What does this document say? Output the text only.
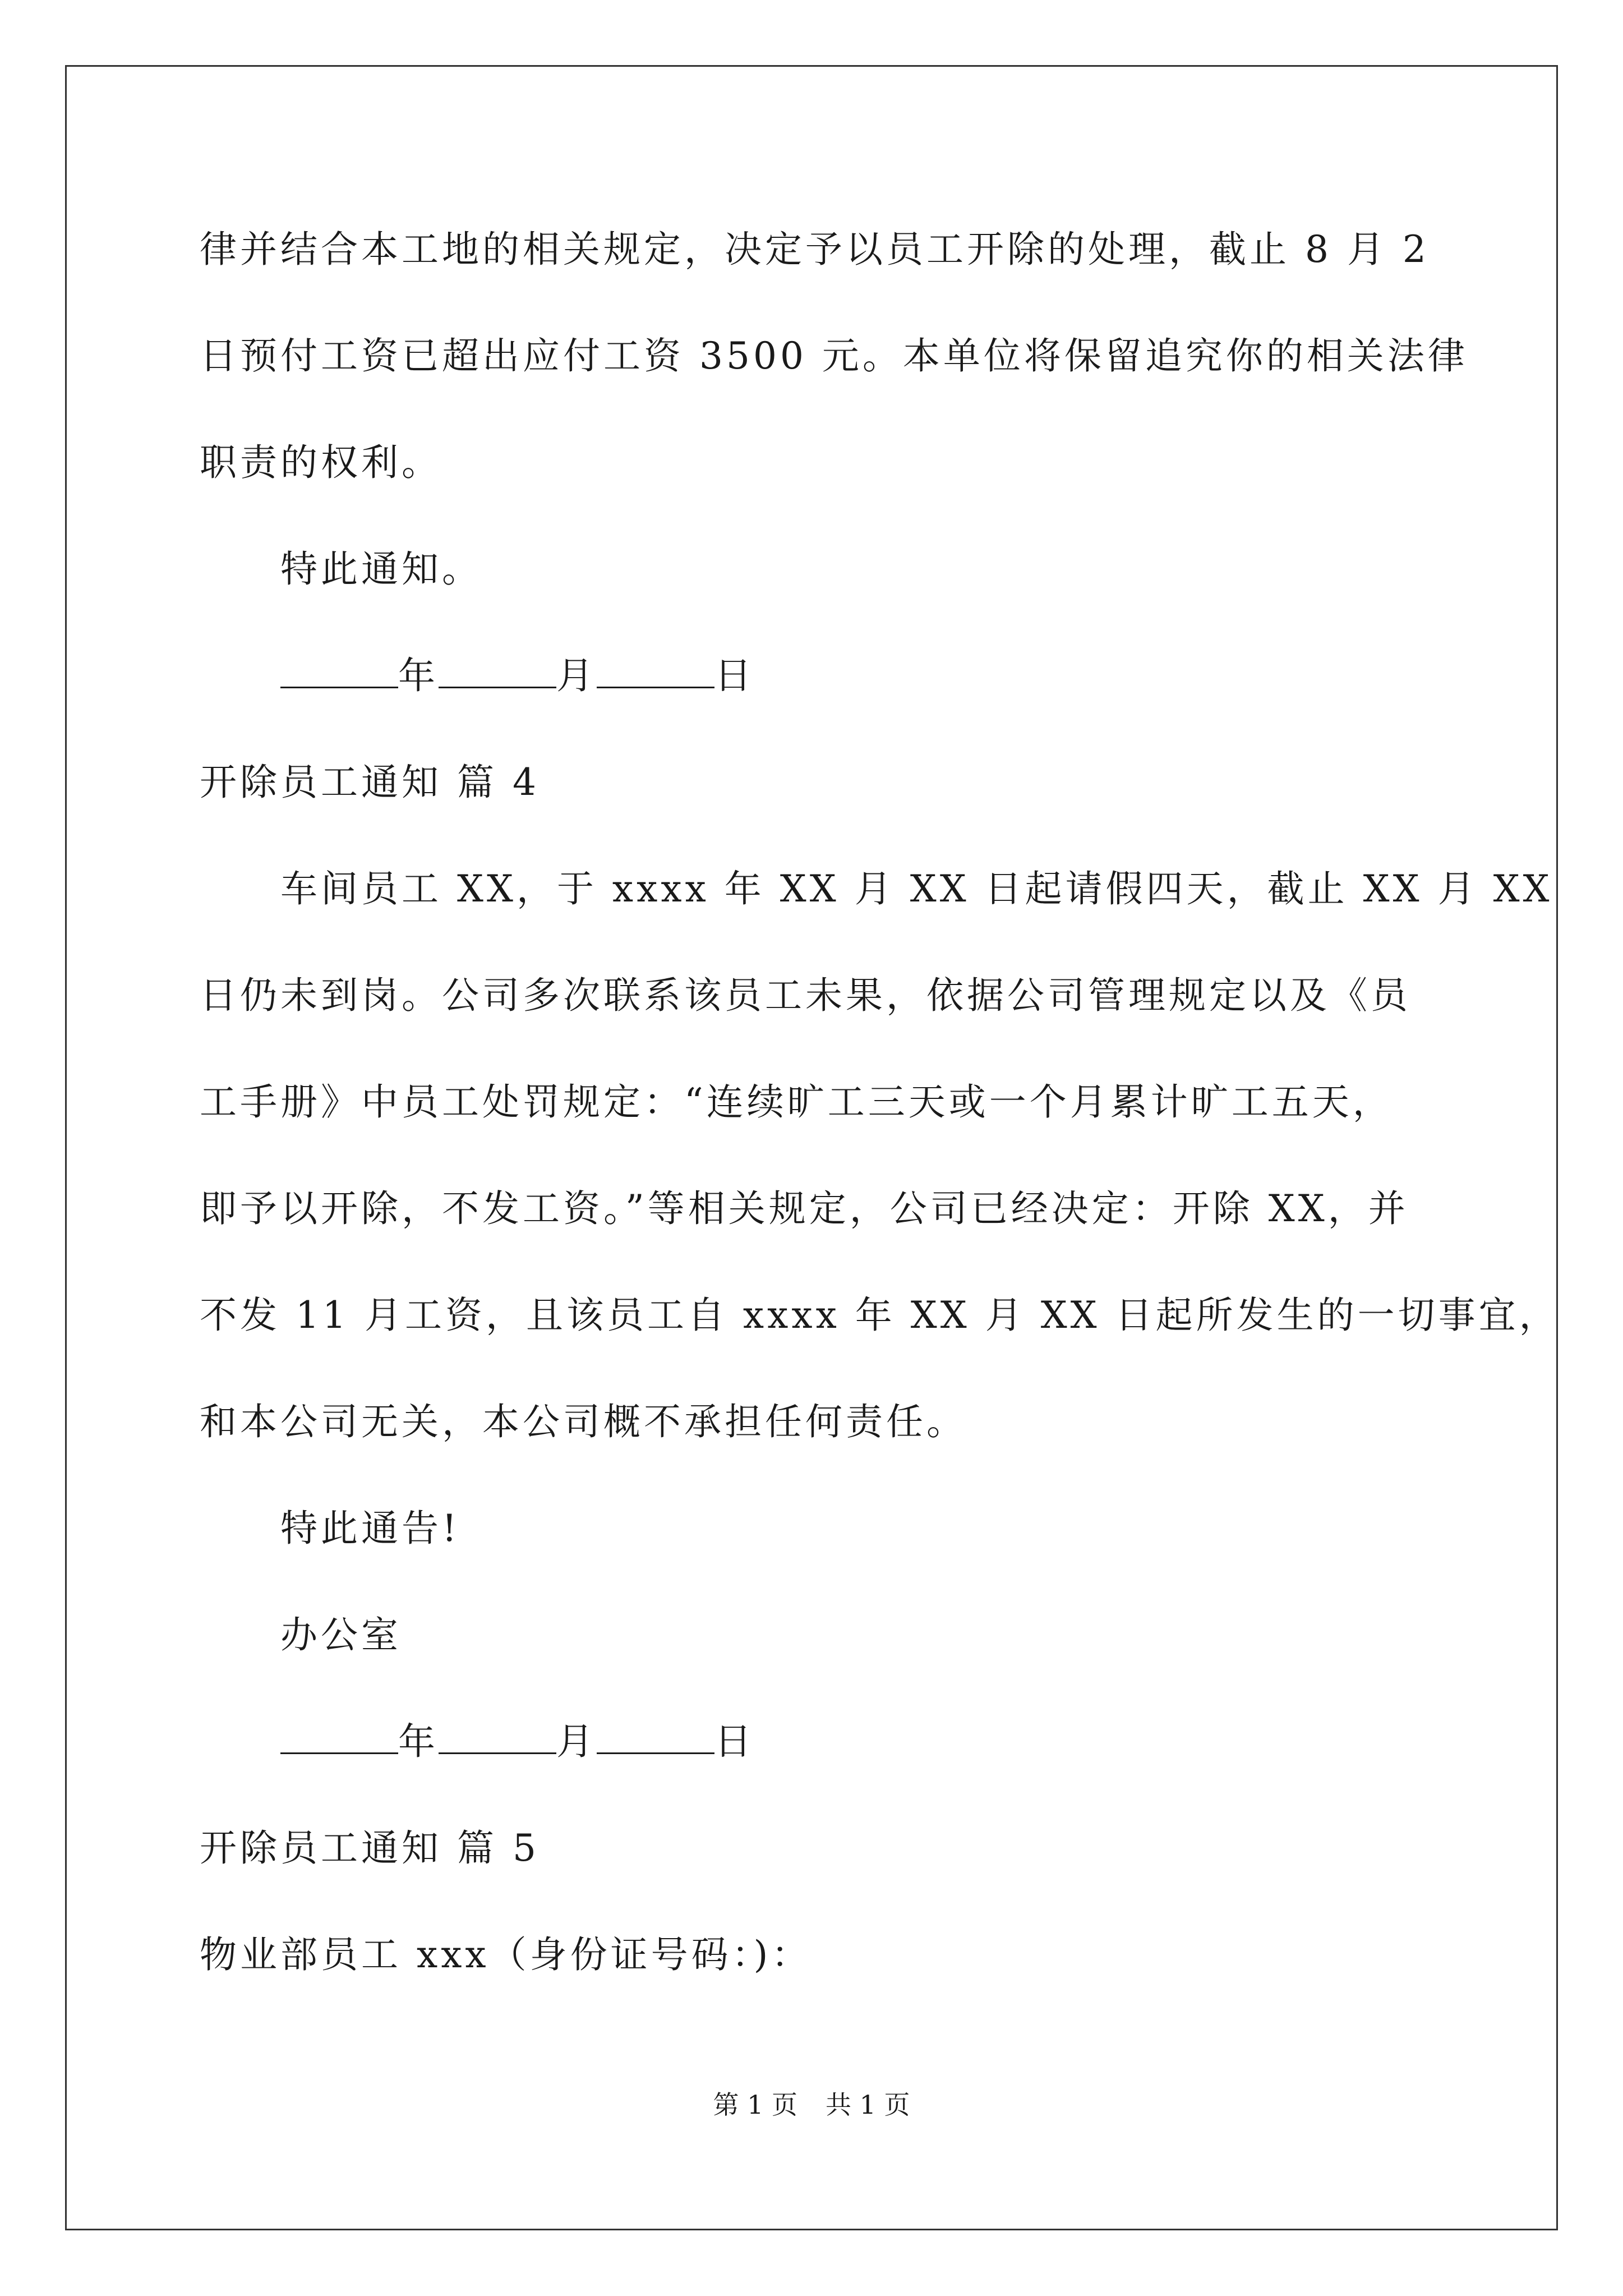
律并结合本工地的相关规定，决定予以员工开除的处理，截止 8 月 2
日预付工资已超出应付工资 3500 元。本单位将保留追究你的相关法律
职责的权利。
特此通知。
年	月	日
开除员工通知 篇 4
车间员工 XX，于 xxxx 年 XX 月 XX 日起请假四天，截止 XX 月 XX
日仍未到岗。公司多次联系该员工未果，依据公司管理规定以及《员
工手册》中员工处罚规定：“连续旷工三天或一个月累计旷工五天，
即予以开除，不发工资。”等相关规定，公司已经决定：开除 XX，并
不发 11 月工资，且该员工自 xxxx 年 XX 月 XX 日起所发生的一切事宜，
和本公司无关，本公司概不承担任何责任。
特此通告!
办公室
年	月	日
开除员工通知 篇 5
物业部员工 xxx（身份证号码：)：
第 1 页 共 1 页
